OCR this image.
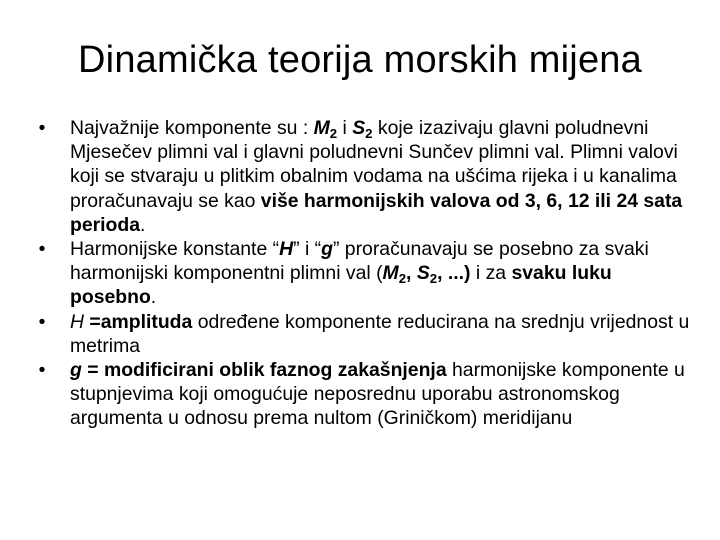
Dinamička teorija morskih mijena
•	Najvažnije komponente su : $M_2$ i $S_2$ koje izazivaju glavni poludnevni Mjesečev plimni val i glavni poludnevni Sunčev plimni val. Plimni valovi koji se stvaraju u plitkim obalnim vodama na ušćima rijeka i u kanalima proračunavaju se kao više harmonijskih valova od 3, 6, 12 ili 24 sata perioda.
•	Harmonijske konstante “H” i “g” proračunavaju se posebno za svaki harmonijski komponentni plimni val ($M_2$, $S_2$, ...) i za svaku luku posebno.
•	H =amplituda određene komponente reducirana na srednju vrijednost u metrima
•	g = modificirani oblik faznog zakašnjenja harmonijske komponente u stupnjevima koji omogućuje neposrednu uporabu astronomskog argumenta u odnosu prema nultom (Griničkom) meridijanu
